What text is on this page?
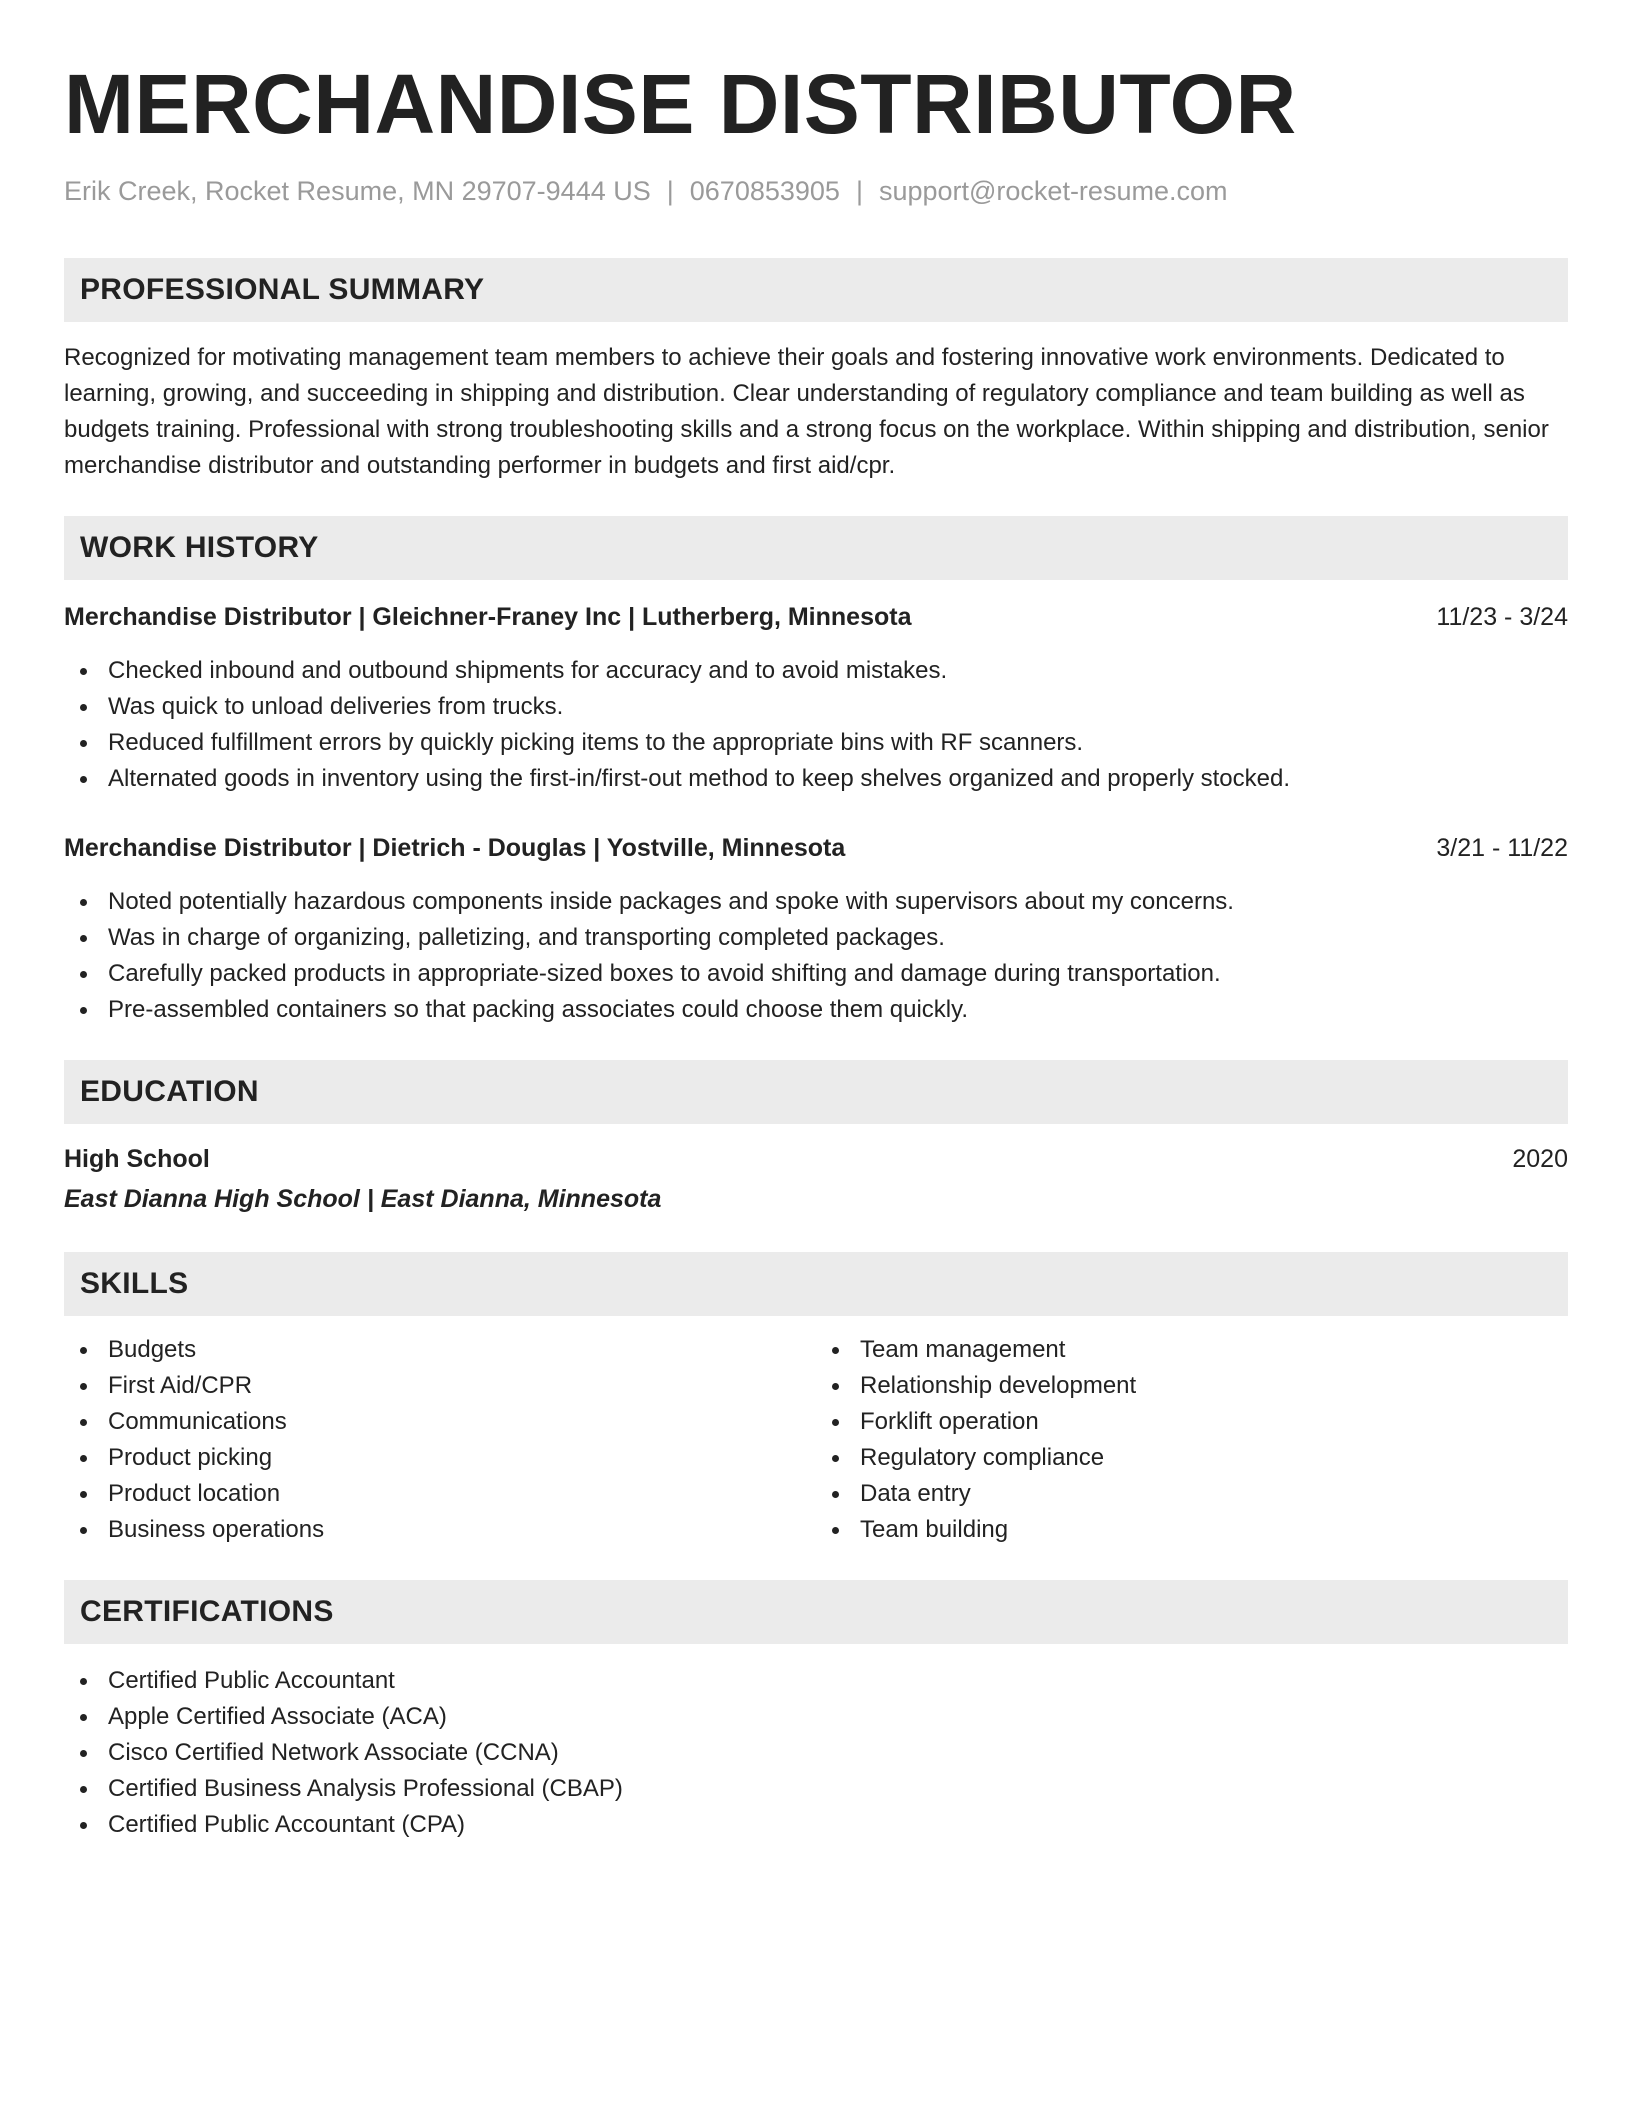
MERCHANDISE DISTRIBUTOR
Erik Creek, Rocket Resume, MN 29707-9444 US | 0670853905 | support@rocket-resume.com
PROFESSIONAL SUMMARY

Recognized for motivating management team members to achieve their goals and fostering innovative work environments. Dedicated to learning, growing, and succeeding in shipping and distribution. Clear understanding of regulatory compliance and team building as well as budgets training. Professional with strong troubleshooting skills and a strong focus on the workplace. Within shipping and distribution, senior merchandise distributor and outstanding performer in budgets and first aid/cpr.

WORK HISTORY
Merchandise Distributor | Gleichner-Franey Inc | Lutherberg, Minnesota	11/23 - 3/24
Checked inbound and outbound shipments for accuracy and to avoid mistakes.
Was quick to unload deliveries from trucks.
Reduced fulfillment errors by quickly picking items to the appropriate bins with RF scanners.
Alternated goods in inventory using the first-in/first-out method to keep shelves organized and properly stocked.
Merchandise Distributor | Dietrich - Douglas | Yostville, Minnesota	3/21 - 11/22
Noted potentially hazardous components inside packages and spoke with supervisors about my concerns.
Was in charge of organizing, palletizing, and transporting completed packages.
Carefully packed products in appropriate-sized boxes to avoid shifting and damage during transportation.
Pre-assembled containers so that packing associates could choose them quickly.
EDUCATION
High School	2020
East Dianna High School | East Dianna, Minnesota
SKILLS
Budgets
First Aid/CPR
Communications
Product picking
Product location
Business operations
Team management
Relationship development
Forklift operation
Regulatory compliance
Data entry
Team building
CERTIFICATIONS
Certified Public Accountant
Apple Certified Associate (ACA)
Cisco Certified Network Associate (CCNA)
Certified Business Analysis Professional (CBAP)
Certified Public Accountant (CPA)
